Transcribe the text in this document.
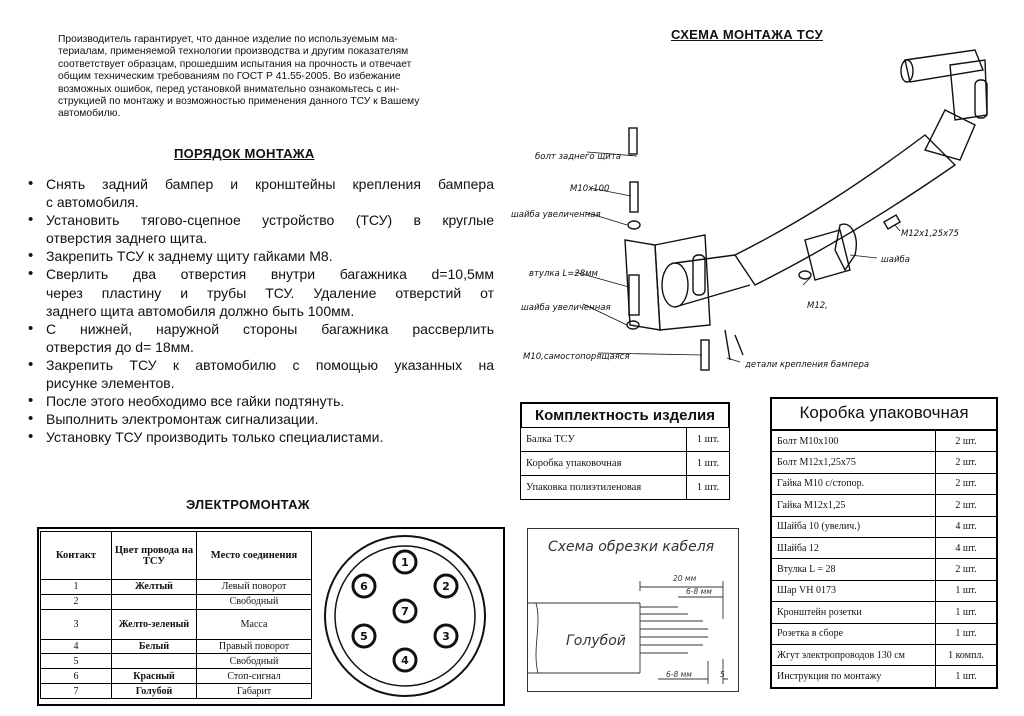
Производитель гарантирует, что данное изделие по используемым ма-
териалам, применяемой технологии производства и другим показателям
соответствует образцам, прошедшим испытания на прочность и отвечает
общим техническим требованиям по ГОСТ Р 41.55-2005. Во избежание
возможных ошибок, перед установкой внимательно ознакомьтесь с ин-
струкцией по монтажу и возможностью применения данного ТСУ к Вашему
автомобилю.
ПОРЯДОК МОНТАЖА
• Снять задний бампер и кронштейны крепления бампера
с автомобиля.
• Установить тягово-сцепное устройство (ТСУ) в круглые
отверстия заднего щита.
• Закрепить ТСУ к заднему щиту гайками М8.
• Сверлить два отверстия внутри багажника d=10,5мм
через пластину и трубы ТСУ. Удаление отверстий от
заднего щита автомобиля должно быть 100мм.
• С нижней, наружной стороны багажника рассверлить
отверстия до d= 18мм.
• Закрепить ТСУ к автомобилю с помощью указанных на
рисунке элементов.
• После этого необходимо все гайки подтянуть.
• Выполнить электромонтаж сигнализации.
• Установку ТСУ производить только специалистами.
СХЕМА МОНТАЖА ТСУ
болт заднего щита
М10х100
шайба увеличенная
втулка L=28мм
шайба увеличенная
М10,самостопорящаяся
М12х1,25х75
шайба
М12,
детали крепления бампера
Комплектность изделия
Балка ТСУ	1 шт.
Коробка упаковочная	1 шт.
Упаковка полиэтиленовая	1 шт.
Коробка упаковочная
Болт М10х100	2 шт.
Болт М12х1,25х75	2 шт.
Гайка М10 с/стопор.	2 шт.
Гайка М12х1,25	2 шт.
Шайба 10 (увелич.)	4 шт.
Шайба 12	4 шт.
Втулка L = 28	2 шт.
Шар VH 0173	1 шт.
Кронштейн розетки	1 шт.
Розетка в сборе	1 шт.
Жгут электропроводов 130 см	1 компл.
Инструкция по монтажу	1 шт.
ЭЛЕКТРОМОНТАЖ
Контакт	Цвет провода на ТСУ	Место соединения
1	Желтый	Левый поворот
2		Свободный
3	Желто-зеленый	Масса
4	Белый	Правый поворот
5		Свободный
6	Красный	Стоп-сигнал
7	Голубой	Габарит
1
2
3
4
5
6
7
Схема обрезки кабеля
20 мм
6-8 мм
6-8 мм	5
Голубой
